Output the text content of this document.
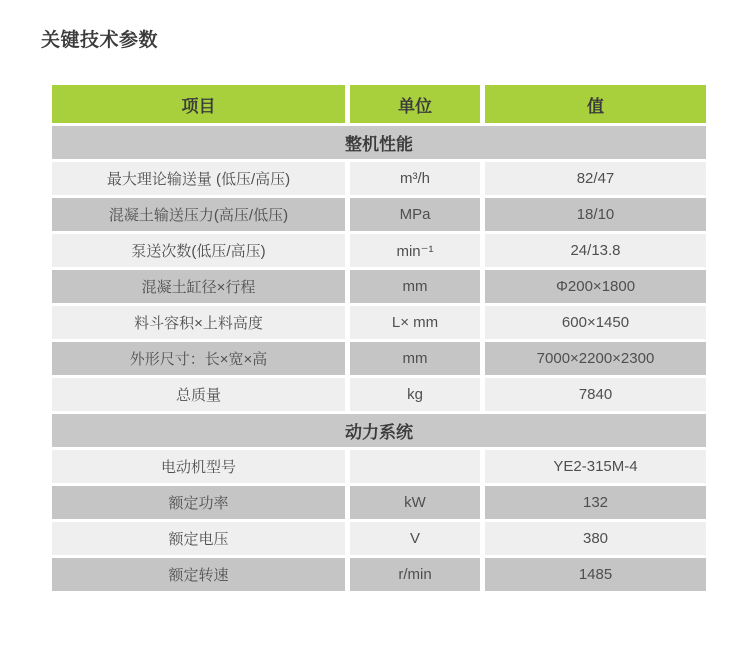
关键技术参数
项目	单位	值
整机性能		
最大理论输送量 (低压/高压)	m³/h	82/47
混凝土输送压力(高压/低压)	MPa	18/10
泵送次数(低压/高压)	min⁻¹	24/13.8
混凝土缸径×行程	mm	Φ200×1800
料斗容积×上料高度	L× mm	600×1450
外形尺寸：长×宽×高	mm	7000×2200×2300
总质量	kg	7840
动力系统		
电动机型号		YE2-315M-4
额定功率	kW	132
额定电压	V	380
额定转速	r/min	1485
